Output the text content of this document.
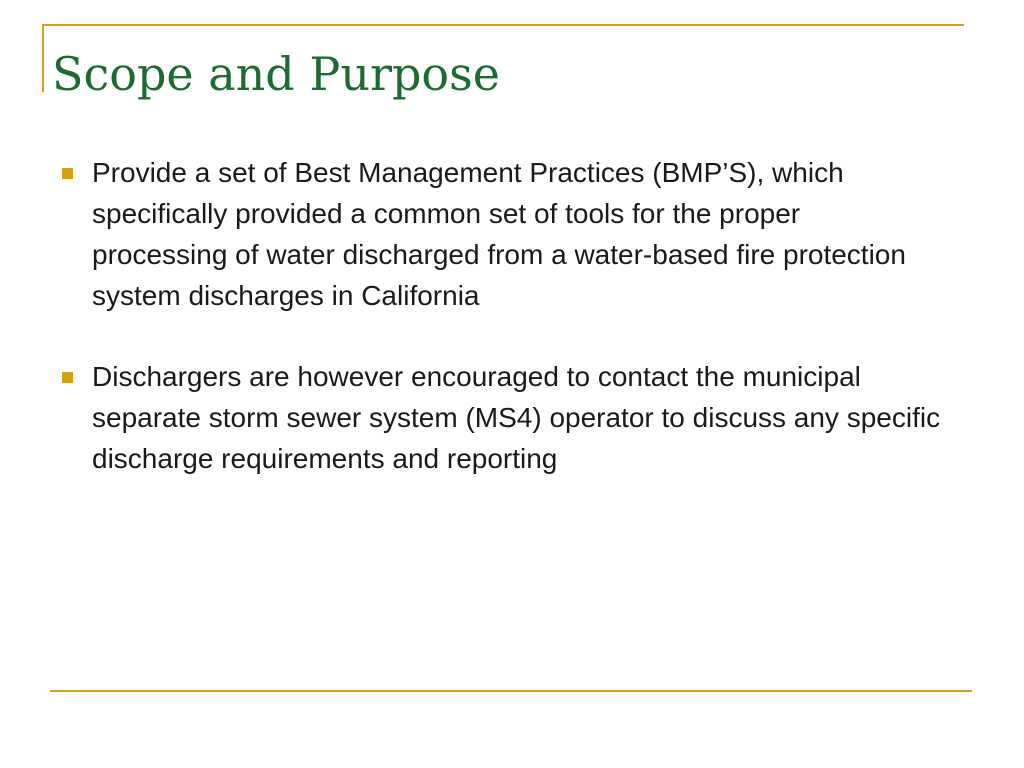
Scope and Purpose
Provide a set of Best Management Practices (BMP’S), which specifically provided a common set of tools for the proper processing of water discharged from a water-based fire protection system discharges in California
Dischargers are however encouraged to contact the municipal separate storm sewer system (MS4) operator to discuss any specific discharge requirements and reporting
